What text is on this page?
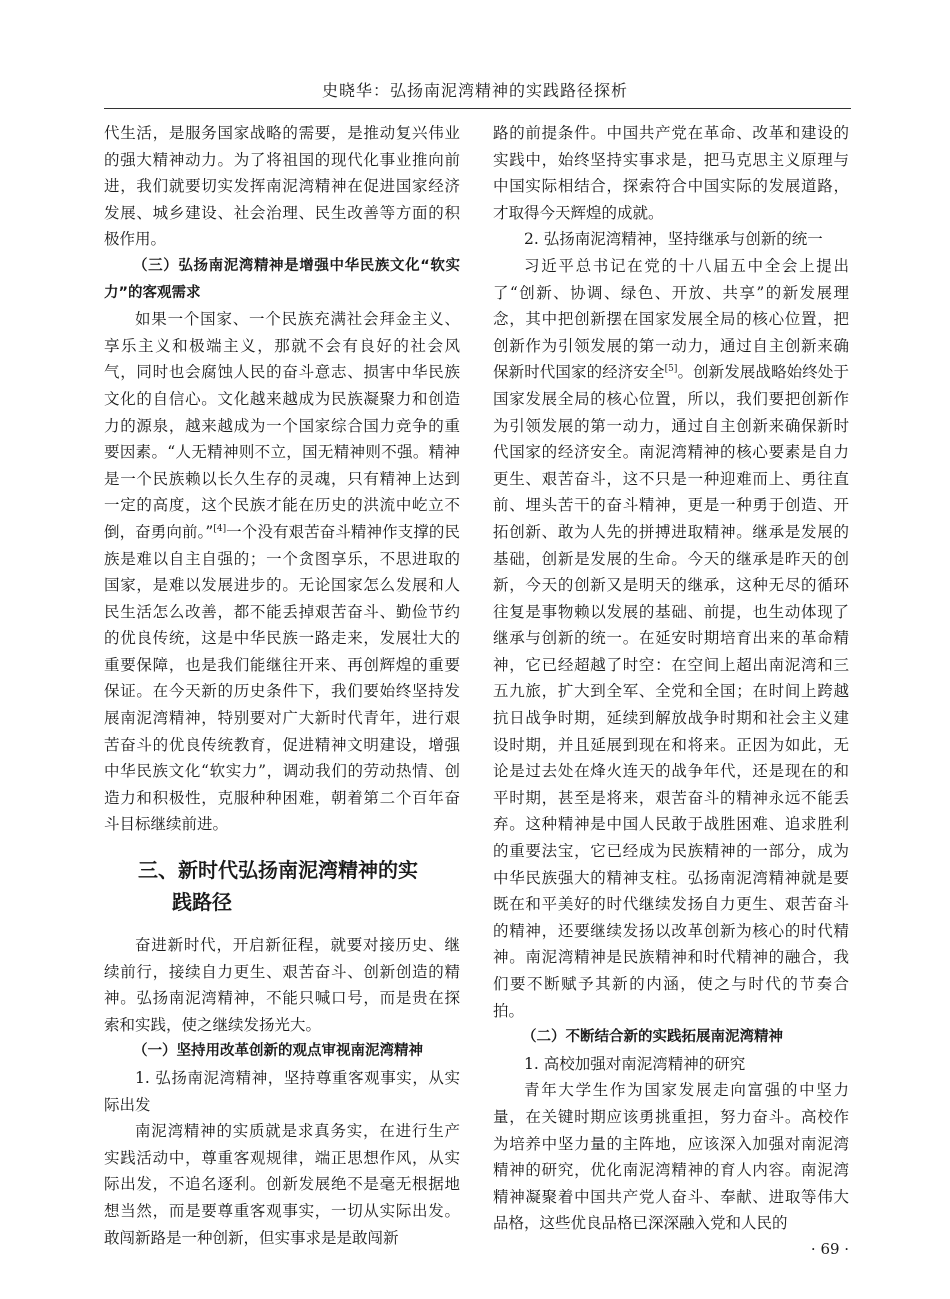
史晓华：弘扬南泥湾精神的实践路径探析

代生活，是服务国家战略的需要，是推动复兴伟业的强大精神动力。为了将祖国的现代化事业推向前进，我们就要切实发挥南泥湾精神在促进国家经济发展、城乡建设、社会治理、民生改善等方面的积极作用。

（三）弘扬南泥湾精神是增强中华民族文化“软实力”的客观需求

如果一个国家、一个民族充满社会拜金主义、享乐主义和极端主义，那就不会有良好的社会风气，同时也会腐蚀人民的奋斗意志、损害中华民族文化的自信心。文化越来越成为民族凝聚力和创造力的源泉，越来越成为一个国家综合国力竞争的重要因素。“人无精神则不立，国无精神则不强。精神是一个民族赖以长久生存的灵魂，只有精神上达到一定的高度，这个民族才能在历史的洪流中屹立不倒，奋勇向前。”[4]一个没有艰苦奋斗精神作支撑的民族是难以自主自强的；一个贪图享乐，不思进取的国家，是难以发展进步的。无论国家怎么发展和人民生活怎么改善，都不能丢掉艰苦奋斗、勤俭节约的优良传统，这是中华民族一路走来，发展壮大的重要保障，也是我们能继往开来、再创辉煌的重要保证。在今天新的历史条件下，我们要始终坚持发展南泥湾精神，特别要对广大新时代青年，进行艰苦奋斗的优良传统教育，促进精神文明建设，增强中华民族文化“软实力”，调动我们的劳动热情、创造力和积极性，克服种种困难，朝着第二个百年奋斗目标继续前进。

三、新时代弘扬南泥湾精神的实
践路径

奋进新时代，开启新征程，就要对接历史、继续前行，接续自力更生、艰苦奋斗、创新创造的精神。弘扬南泥湾精神，不能只喊口号，而是贵在探索和实践，使之继续发扬光大。

（一）坚持用改革创新的观点审视南泥湾精神

1. 弘扬南泥湾精神，坚持尊重客观事实，从实际出发

南泥湾精神的实质就是求真务实，在进行生产实践活动中，尊重客观规律，端正思想作风，从实际出发，不追名逐利。创新发展绝不是毫无根据地想当然，而是要尊重客观事实，一切从实际出发。敢闯新路是一种创新，但实事求是是敢闯新

路的前提条件。中国共产党在革命、改革和建设的实践中，始终坚持实事求是，把马克思主义原理与中国实际相结合，探索符合中国实际的发展道路，才取得今天辉煌的成就。

2. 弘扬南泥湾精神，坚持继承与创新的统一

习近平总书记在党的十八届五中全会上提出了“创新、协调、绿色、开放、共享”的新发展理念，其中把创新摆在国家发展全局的核心位置，把创新作为引领发展的第一动力，通过自主创新来确保新时代国家的经济安全[5]。创新发展战略始终处于国家发展全局的核心位置，所以，我们要把创新作为引领发展的第一动力，通过自主创新来确保新时代国家的经济安全。南泥湾精神的核心要素是自力更生、艰苦奋斗，这不只是一种迎难而上、勇往直前、埋头苦干的奋斗精神，更是一种勇于创造、开拓创新、敢为人先的拼搏进取精神。继承是发展的基础，创新是发展的生命。今天的继承是昨天的创新，今天的创新又是明天的继承，这种无尽的循环往复是事物赖以发展的基础、前提，也生动体现了继承与创新的统一。在延安时期培育出来的革命精神，它已经超越了时空：在空间上超出南泥湾和三五九旅，扩大到全军、全党和全国；在时间上跨越抗日战争时期，延续到解放战争时期和社会主义建设时期，并且延展到现在和将来。正因为如此，无论是过去处在烽火连天的战争年代，还是现在的和平时期，甚至是将来，艰苦奋斗的精神永远不能丢弃。这种精神是中国人民敢于战胜困难、追求胜利的重要法宝，它已经成为民族精神的一部分，成为中华民族强大的精神支柱。弘扬南泥湾精神就是要既在和平美好的时代继续发扬自力更生、艰苦奋斗的精神，还要继续发扬以改革创新为核心的时代精神。南泥湾精神是民族精神和时代精神的融合，我们要不断赋予其新的内涵，使之与时代的节奏合拍。

（二）不断结合新的实践拓展南泥湾精神

1. 高校加强对南泥湾精神的研究

青年大学生作为国家发展走向富强的中坚力量，在关键时期应该勇挑重担，努力奋斗。高校作为培养中坚力量的主阵地，应该深入加强对南泥湾精神的研究，优化南泥湾精神的育人内容。南泥湾精神凝聚着中国共产党人奋斗、奉献、进取等伟大品格，这些优良品格已深深融入党和人民的

· 69 ·
